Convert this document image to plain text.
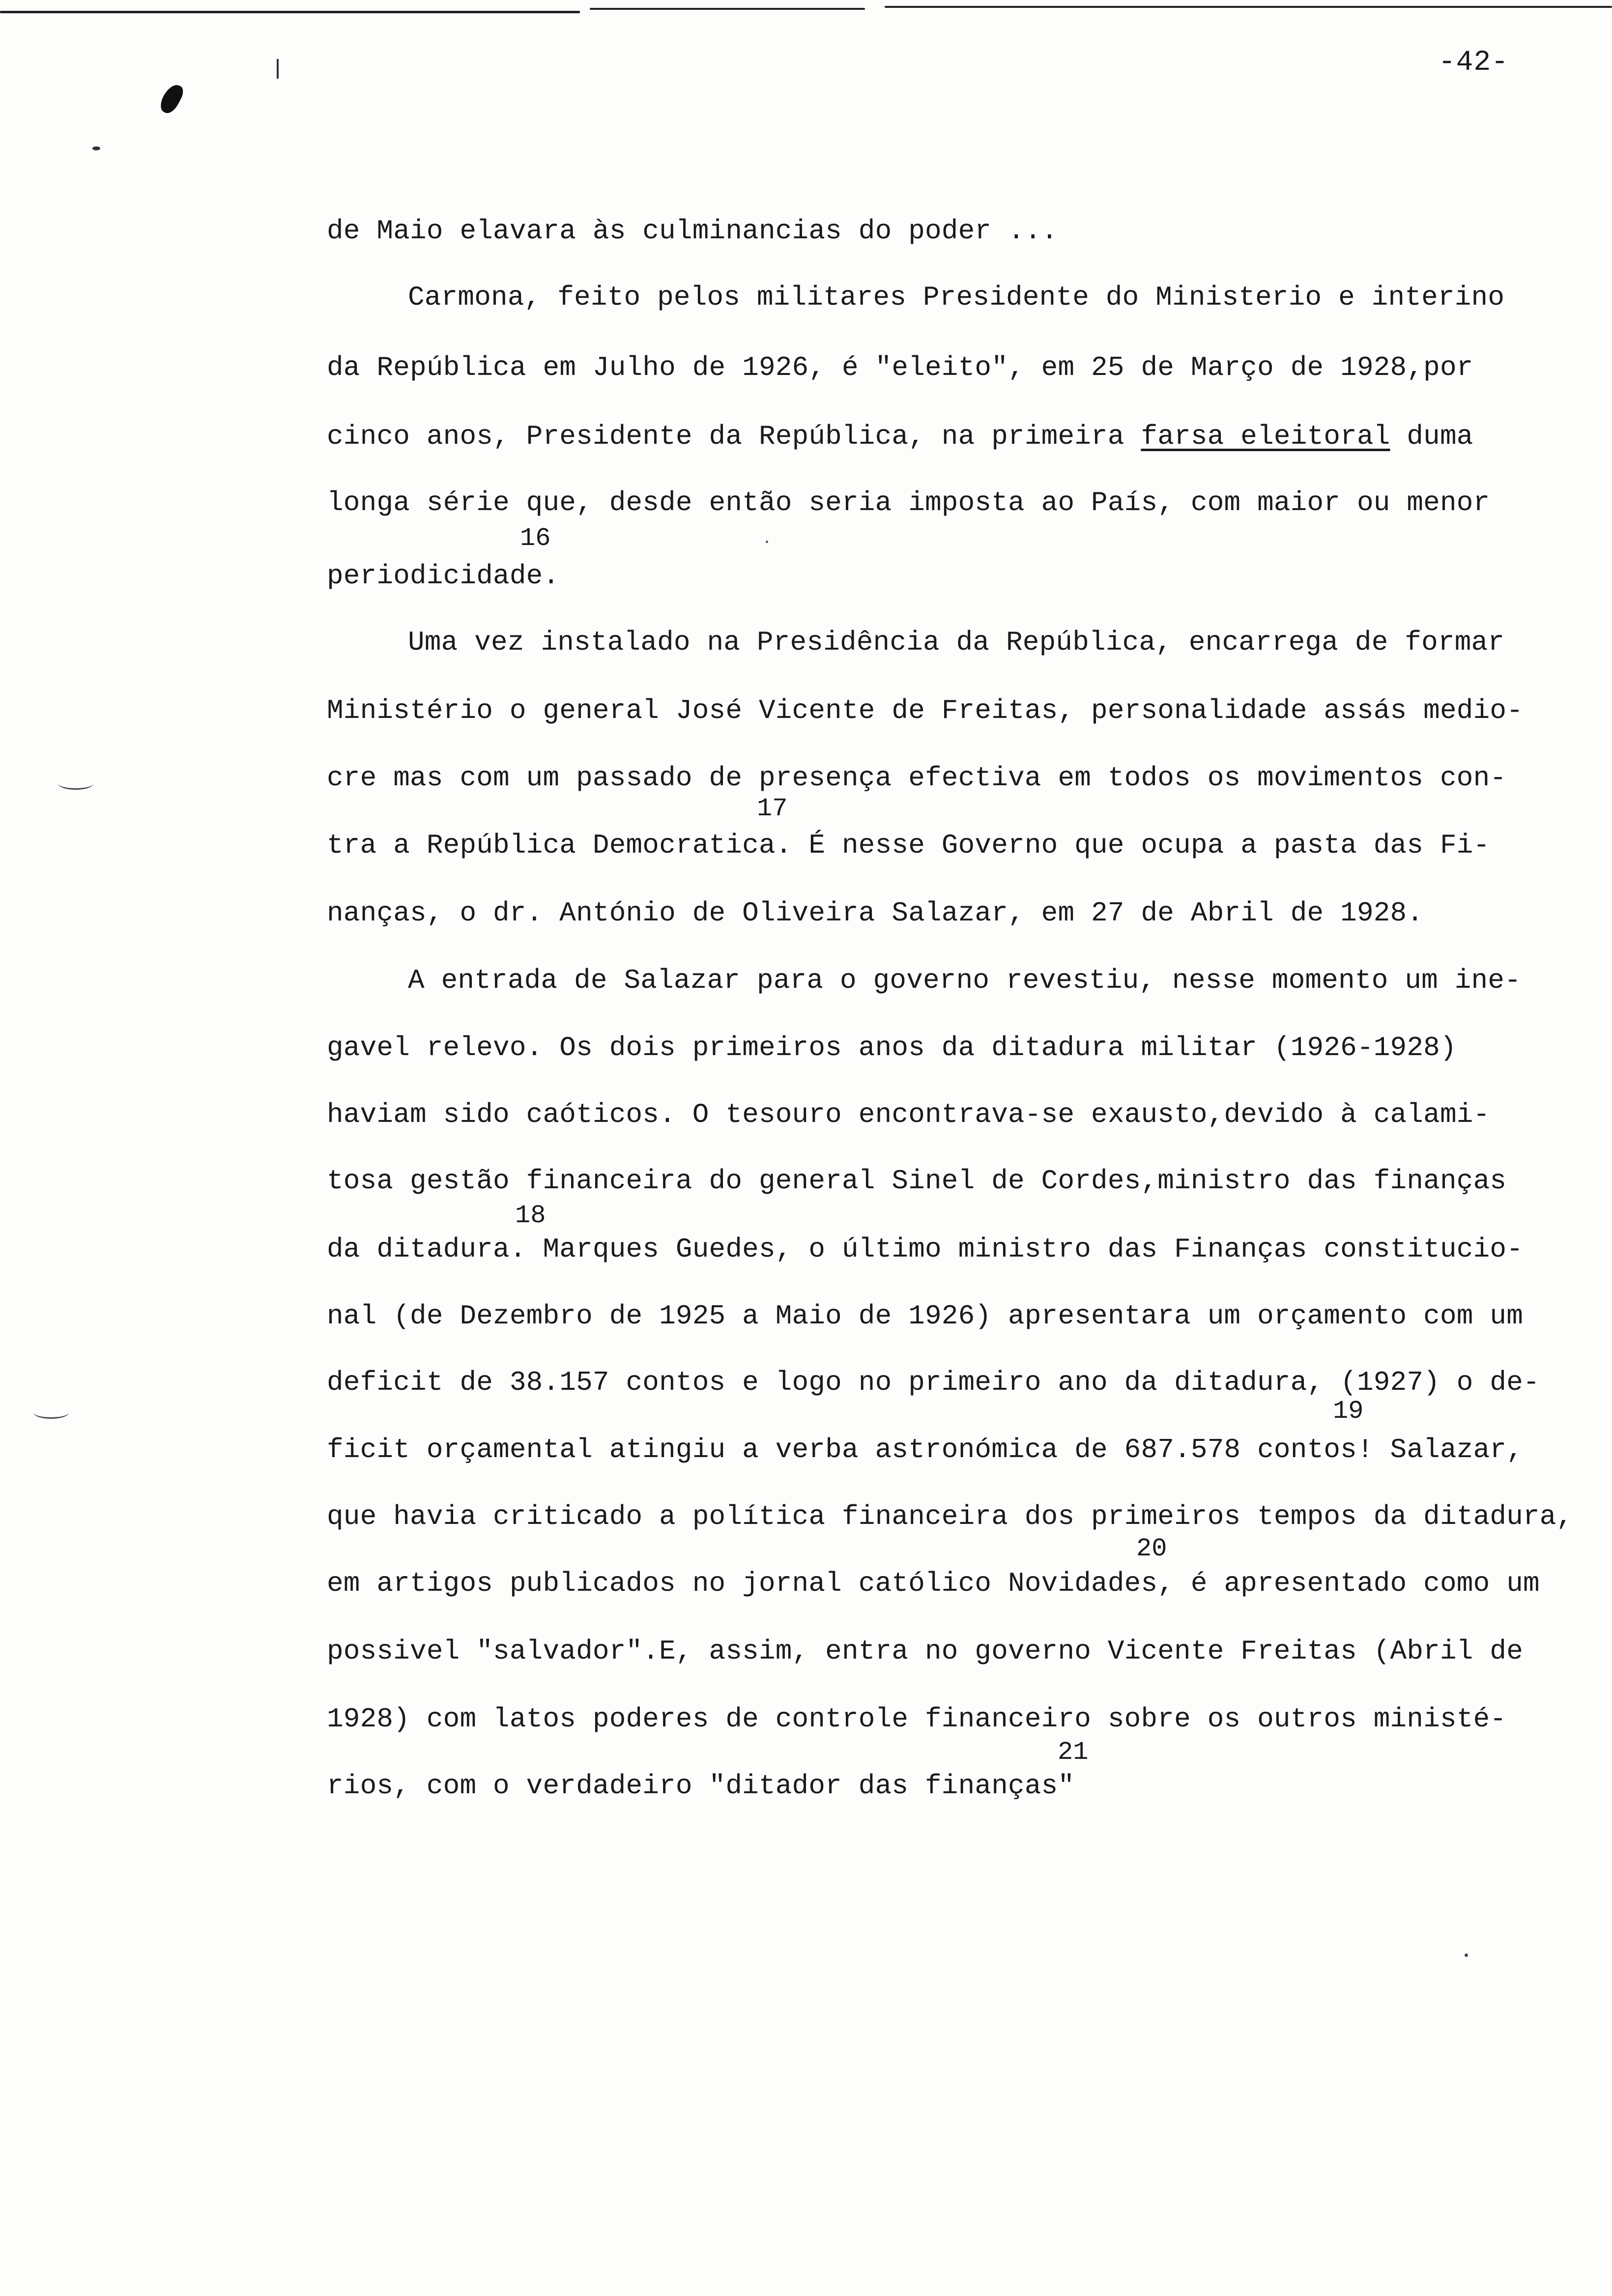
-42-
de Maio elavara às culminancias do poder ...
Carmona, feito pelos militares Presidente do Ministerio e interino
da República em Julho de 1926, é "eleito", em 25 de Março de 1928,por
cinco anos, Presidente da República, na primeira farsa eleitoral duma
longa série que, desde então seria imposta ao País, com maior ou menor
16
periodicidade.
Uma vez instalado na Presidência da República, encarrega de formar
Ministério o general José Vicente de Freitas, personalidade assás medio-
cre mas com um passado de presença efectiva em todos os movimentos con-
17
tra a República Democratica. É nesse Governo que ocupa a pasta das Fi-
nanças, o dr. António de Oliveira Salazar, em 27 de Abril de 1928.
A entrada de Salazar para o governo revestiu, nesse momento um ine-
gavel relevo. Os dois primeiros anos da ditadura militar (1926-1928)
haviam sido caóticos. O tesouro encontrava-se exausto,devido à calami-
tosa gestão financeira do general Sinel de Cordes,ministro das finanças
18
da ditadura. Marques Guedes, o último ministro das Finanças constitucio-
nal (de Dezembro de 1925 a Maio de 1926) apresentara um orçamento com um
deficit de 38.157 contos e logo no primeiro ano da ditadura, (1927) o de-
19
ficit orçamental atingiu a verba astronómica de 687.578 contos! Salazar,
que havia criticado a política financeira dos primeiros tempos da ditadura,
20
em artigos publicados no jornal católico Novidades, é apresentado como um
possivel "salvador".E, assim, entra no governo Vicente Freitas (Abril de
1928) com latos poderes de controle financeiro sobre os outros ministé-
21
rios, com o verdadeiro "ditador das finanças"
